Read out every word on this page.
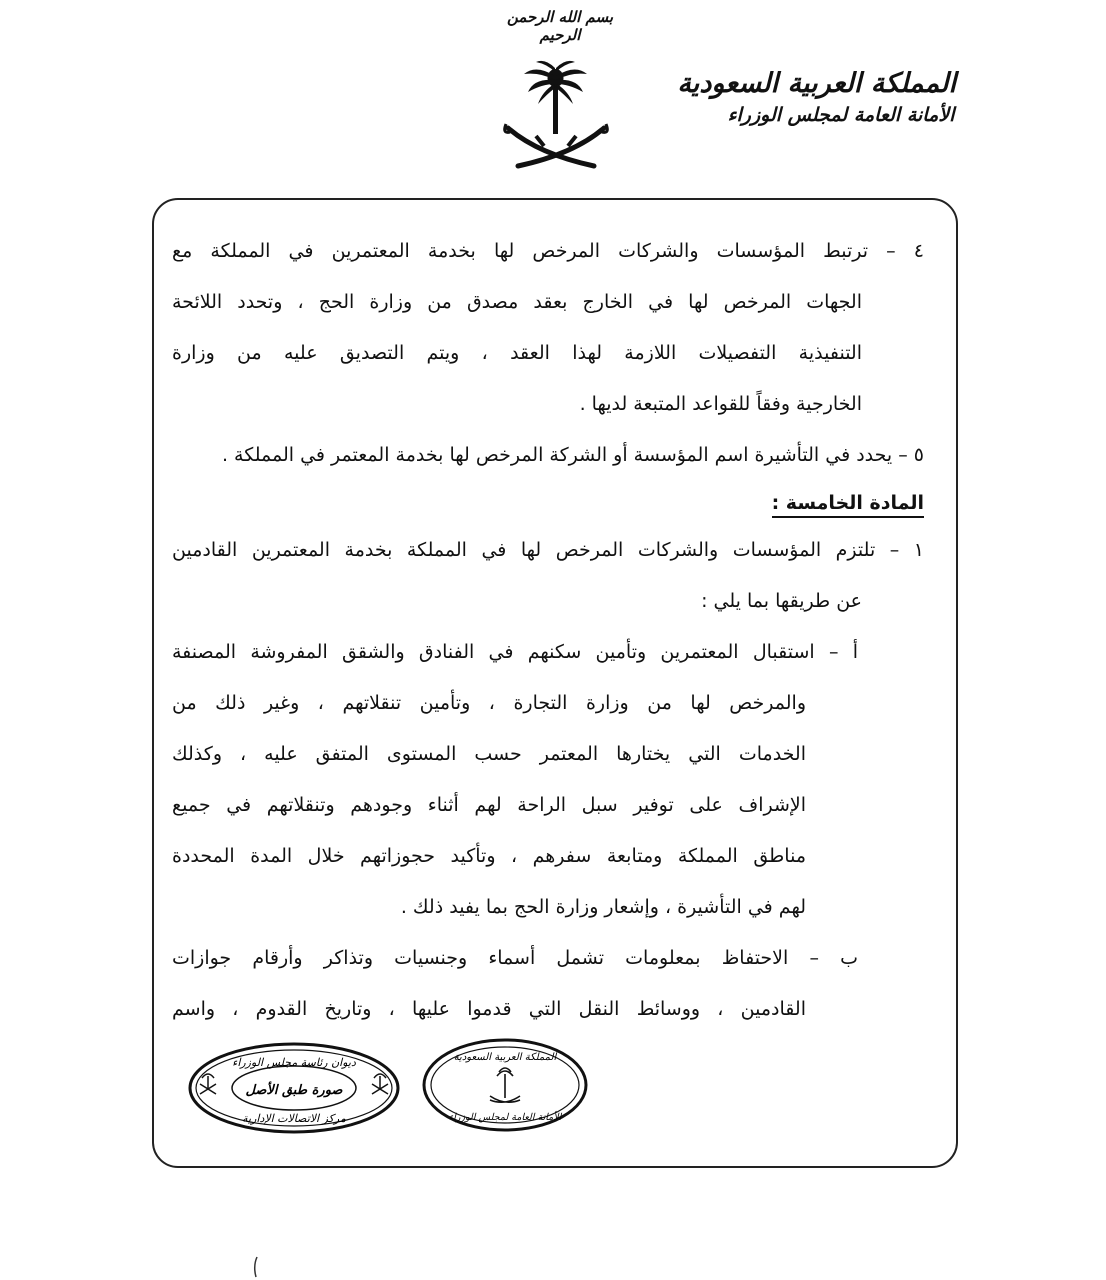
بسم الله الرحمن الرحيم
المملكة العربية السعودية
الأمانة العامة لمجلس الوزراء
٤ – ترتبط المؤسسات والشركات المرخص لها بخدمة المعتمرين في المملكة مع
الجهات المرخص لها في الخارج بعقد مصدق من وزارة الحج ، وتحدد اللائحة
التنفيذية التفصيلات اللازمة لهذا العقد ، ويتم التصديق عليه من وزارة
الخارجية وفقاً للقواعد المتبعة لديها .
٥ – يحدد في التأشيرة اسم المؤسسة أو الشركة المرخص لها بخدمة المعتمر في المملكة .
المادة الخامسة :
١ – تلتزم المؤسسات والشركات المرخص لها في المملكة بخدمة المعتمرين القادمين
عن طريقها بما يلي :
أ – استقبال المعتمرين وتأمين سكنهم في الفنادق والشقق المفروشة المصنفة
والمرخص لها من وزارة التجارة ، وتأمين تنقلاتهم ، وغير ذلك من
الخدمات التي يختارها المعتمر حسب المستوى المتفق عليه ، وكذلك
الإشراف على توفير سبل الراحة لهم أثناء وجودهم وتنقلاتهم في جميع
مناطق المملكة ومتابعة سفرهم ، وتأكيد حجوزاتهم خلال المدة المحددة
لهم في التأشيرة ، وإشعار وزارة الحج بما يفيد ذلك .
ب – الاحتفاظ بمعلومات تشمل أسماء وجنسيات وتذاكر وأرقام جوازات
القادمين ، ووسائط النقل التي قدموا عليها ، وتاريخ القدوم ، واسم
ديوان رئاسة مجلس الوزراء
صورة طبق الأصل
مركز الاتصالات الإدارية
المملكة العربية السعودية
الأمانة العامة لمجلس الوزراء
